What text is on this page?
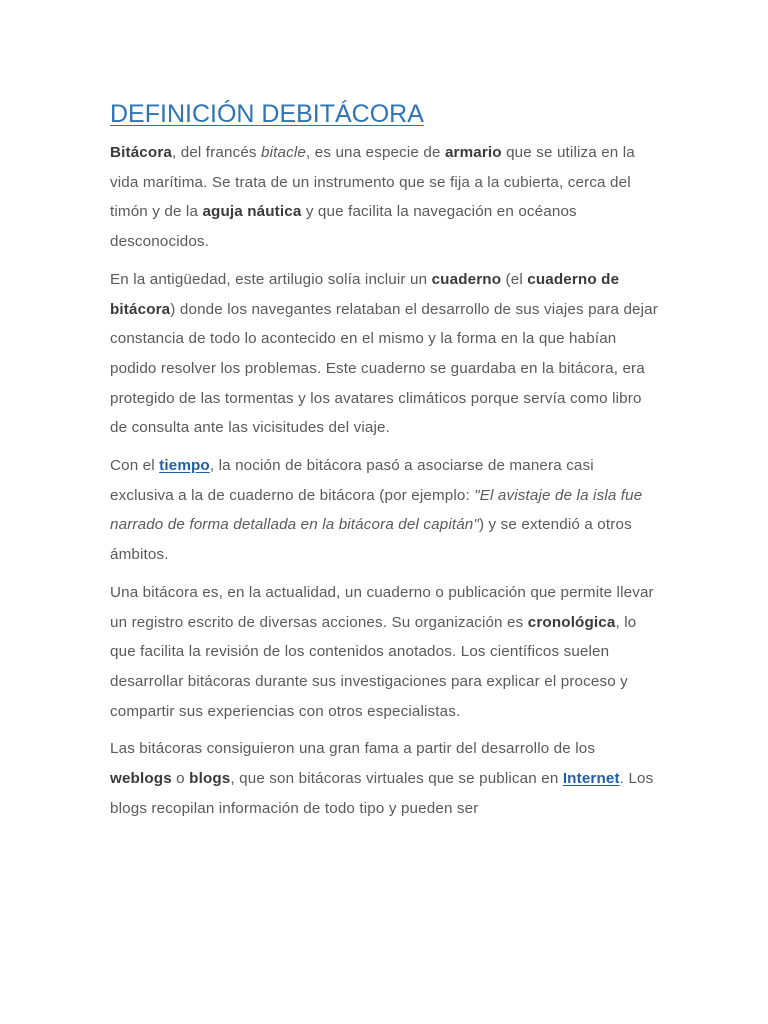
DEFINICIÓN DEBITÁCORA

Bitácora, del francés bitacle, es una especie de armario que se utiliza en la vida marítima. Se trata de un instrumento que se fija a la cubierta, cerca del timón y de la aguja náutica y que facilita la navegación en océanos desconocidos.

En la antigüedad, este artilugio solía incluir un cuaderno (el cuaderno de bitácora) donde los navegantes relataban el desarrollo de sus viajes para dejar constancia de todo lo acontecido en el mismo y la forma en la que habían podido resolver los problemas. Este cuaderno se guardaba en la bitácora, era protegido de las tormentas y los avatares climáticos porque servía como libro de consulta ante las vicisitudes del viaje.

Con el tiempo, la noción de bitácora pasó a asociarse de manera casi exclusiva a la de cuaderno de bitácora (por ejemplo: "El avistaje de la isla fue narrado de forma detallada en la bitácora del capitán") y se extendió a otros ámbitos.

Una bitácora es, en la actualidad, un cuaderno o publicación que permite llevar un registro escrito de diversas acciones. Su organización es cronológica, lo que facilita la revisión de los contenidos anotados. Los científicos suelen desarrollar bitácoras durante sus investigaciones para explicar el proceso y compartir sus experiencias con otros especialistas.

Las bitácoras consiguieron una gran fama a partir del desarrollo de los weblogs o blogs, que son bitácoras virtuales que se publican en Internet. Los blogs recopilan información de todo tipo y pueden ser
